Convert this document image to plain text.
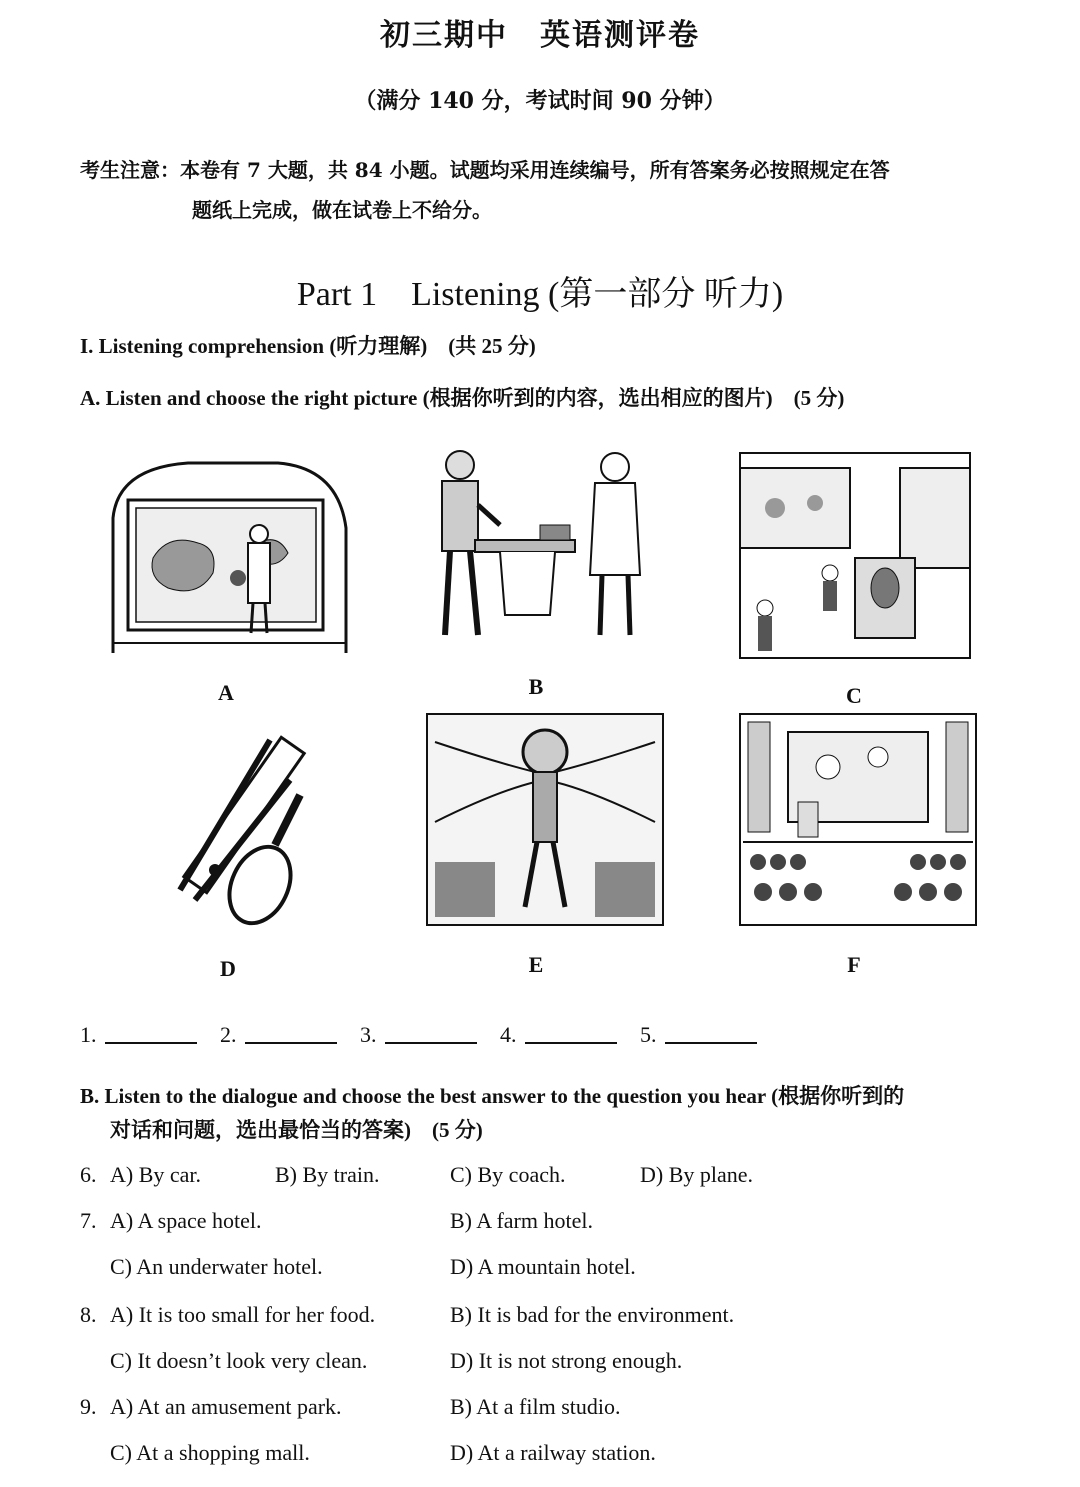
初三期中　英语测评卷
（满分 140 分，考试时间 90 分钟）
考生注意：本卷有 7 大题，共 84 小题。试题均采用连续编号，所有答案务必按照规定在答
题纸上完成，做在试卷上不给分。
Part 1　Listening (第一部分 听力)
I. Listening comprehension (听力理解)　(共 25 分)
A. Listen and choose the right picture (根据你听到的内容，选出相应的图片)　(5 分)
A	B	C
D	E	F
1.	2.	3.	4.	5.
B. Listen to the dialogue and choose the best answer to the question you hear (根据你听到的
对话和问题，选出最恰当的答案)　(5 分)
6. A) By car.	B) By train.	C) By coach.	D) By plane.
7. A) A space hotel.	B) A farm hotel.
C) An underwater hotel.	D) A mountain hotel.
8. A) It is too small for her food.	B) It is bad for the environment.
C) It doesn’t look very clean.	D) It is not strong enough.
9. A) At an amusement park.	B) At a film studio.
C) At a shopping mall.	D) At a railway station.
